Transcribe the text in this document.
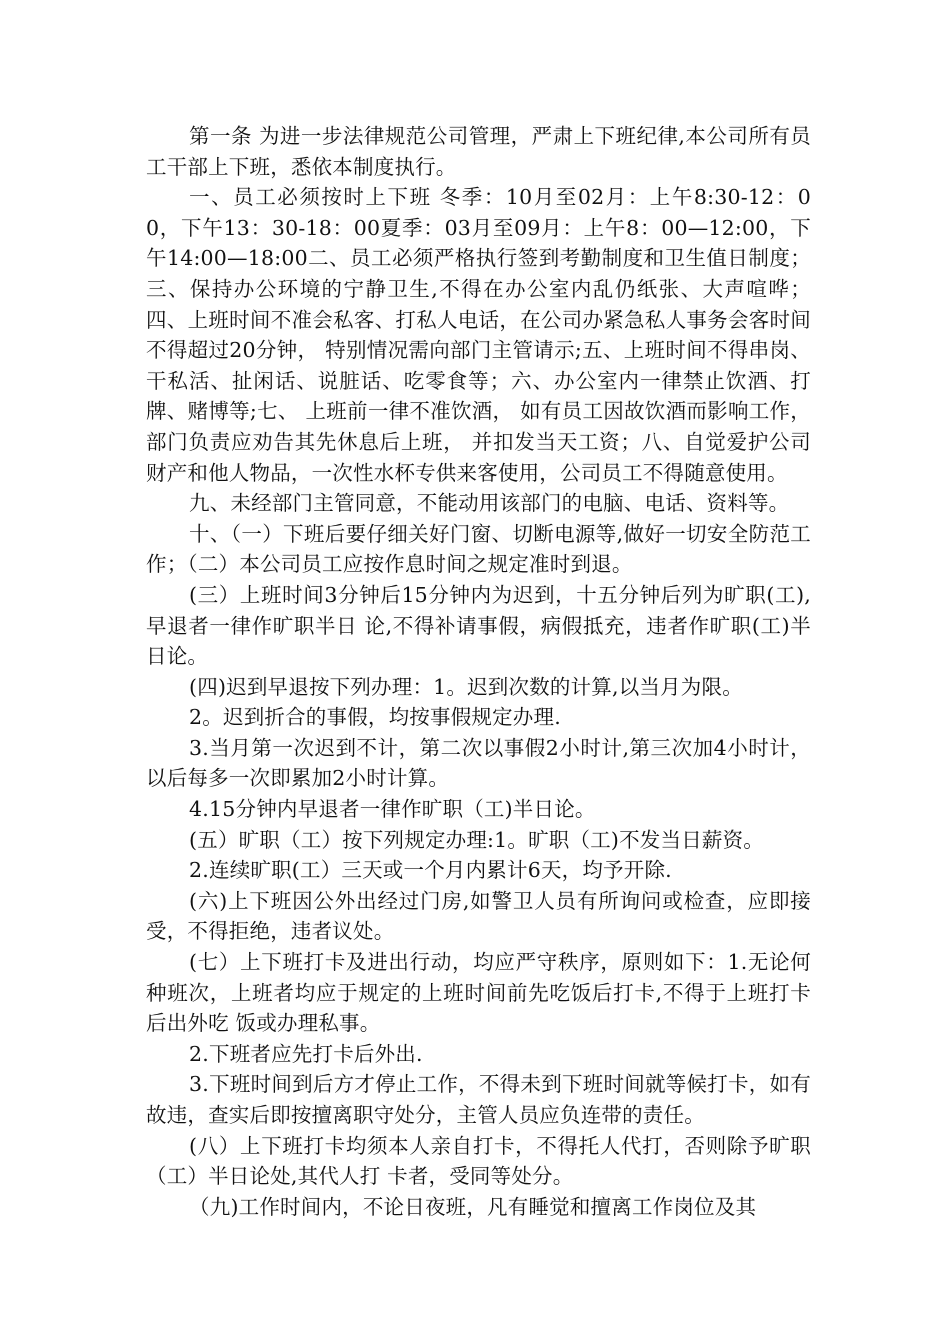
第一条 为进一步法律规范公司管理，严肃上下班纪律,本公司所有员工干部上下班，悉依本制度执行。

一、员工必须按时上下班 冬季：10月至02月：上午8:30-12：00，下午13：30-18：00夏季：03月至09月：上午8：00—12:00，下午14:00—18:00二、员工必须严格执行签到考勤制度和卫生值日制度；三、保持办公环境的宁静卫生,不得在办公室内乱仍纸张、大声喧哗；四、上班时间不准会私客、打私人电话，在公司办紧急私人事务会客时间不得超过20分钟， 特别情况需向部门主管请示;五、上班时间不得串岗、干私活、扯闲话、说脏话、吃零食等；六、办公室内一律禁止饮酒、打牌、赌博等;七、 上班前一律不准饮酒， 如有员工因故饮酒而影响工作， 部门负责应劝告其先休息后上班， 并扣发当天工资；八、自觉爱护公司财产和他人物品，一次性水杯专供来客使用，公司员工不得随意使用。

九、未经部门主管同意，不能动用该部门的电脑、电话、资料等。

十、（一）下班后要仔细关好门窗、切断电源等,做好一切安全防范工作；（二）本公司员工应按作息时间之规定准时到退。

(三）上班时间3分钟后15分钟内为迟到，十五分钟后列为旷职(工),早退者一律作旷职半日 论,不得补请事假，病假抵充，违者作旷职(工)半日论。

(四)迟到早退按下列办理：1。迟到次数的计算,以当月为限。

2。迟到折合的事假，均按事假规定办理.

3.当月第一次迟到不计，第二次以事假2小时计,第三次加4小时计，以后每多一次即累加2小时计算。

4.15分钟内早退者一律作旷职（工)半日论。

(五）旷职（工）按下列规定办理:1。旷职（工)不发当日薪资。

2.连续旷职(工）三天或一个月内累计6天，均予开除.

(六)上下班因公外出经过门房,如警卫人员有所询问或检查，应即接受，不得拒绝，违者议处。

(七）上下班打卡及进出行动，均应严守秩序，原则如下：1.无论何种班次，上班者均应于规定的上班时间前先吃饭后打卡,不得于上班打卡后出外吃 饭或办理私事。

2.下班者应先打卡后外出.

3.下班时间到后方才停止工作，不得未到下班时间就等候打卡，如有故违，查实后即按擅离职守处分，主管人员应负连带的责任。

(八）上下班打卡均须本人亲自打卡，不得托人代打，否则除予旷职（工）半日论处,其代人打 卡者，受同等处分。

（九)工作时间内，不论日夜班，凡有睡觉和擅离工作岗位及其
